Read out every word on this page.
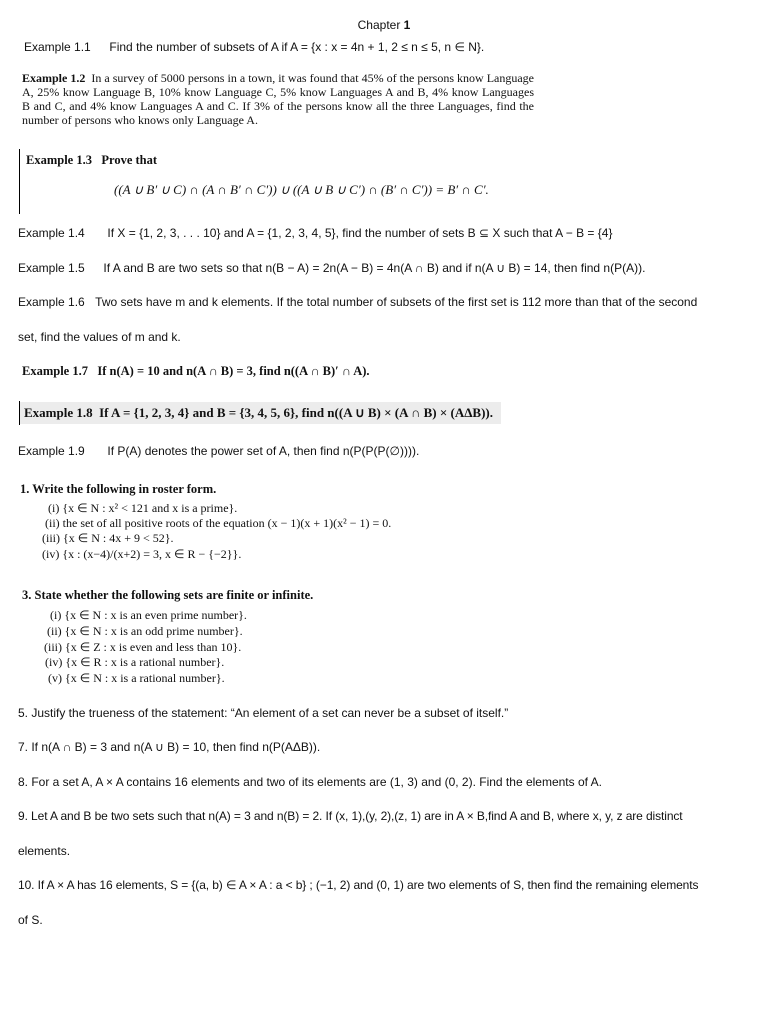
Chapter 1
Example 1.1 Find the number of subsets of A if A = {x : x = 4n + 1, 2 ≤ n ≤ 5, n ∈ N}.
Example 1.2 In a survey of 5000 persons in a town, it was found that 45% of the persons know Language A, 25% know Language B, 10% know Language C, 5% know Languages A and B, 4% know Languages B and C, and 4% know Languages A and C. If 3% of the persons know all the three Languages, find the number of persons who knows only Language A.
Example 1.3 Prove that
((A ∪ B′ ∪ C) ∩ (A ∩ B′ ∩ C′)) ∪ ((A ∪ B ∪ C′) ∩ (B′ ∩ C′)) = B′ ∩ C′.
Example 1.4 If X = {1, 2, 3, . . . 10} and A = {1, 2, 3, 4, 5}, find the number of sets B ⊆ X such that A − B = {4}
Example 1.5 If A and B are two sets so that n(B − A) = 2n(A − B) = 4n(A ∩ B) and if n(A ∪ B) = 14, then find n(P(A)).
Example 1.6 Two sets have m and k elements. If the total number of subsets of the first set is 112 more than that of the second
set, find the values of m and k.
Example 1.7 If n(A) = 10 and n(A ∩ B) = 3, find n((A ∩ B)′ ∩ A).
Example 1.8 If A = {1, 2, 3, 4} and B = {3, 4, 5, 6}, find n((A ∪ B) × (A ∩ B) × (AΔB)).
Example 1.9 If P(A) denotes the power set of A, then find n(P(P(P(∅)))).
1. Write the following in roster form.
(i) {x ∈ N : x² < 121 and x is a prime}.
(ii) the set of all positive roots of the equation (x − 1)(x + 1)(x² − 1) = 0.
(iii) {x ∈ N : 4x + 9 < 52}.
(iv) {x : (x−4)/(x+2) = 3, x ∈ R − {−2}}.
3. State whether the following sets are finite or infinite.
(i) {x ∈ N : x is an even prime number}.
(ii) {x ∈ N : x is an odd prime number}.
(iii) {x ∈ Z : x is even and less than 10}.
(iv) {x ∈ R : x is a rational number}.
(v) {x ∈ N : x is a rational number}.
5. Justify the trueness of the statement: “An element of a set can never be a subset of itself.”
7. If n(A ∩ B) = 3 and n(A ∪ B) = 10, then find n(P(AΔB)).
8. For a set A, A × A contains 16 elements and two of its elements are (1, 3) and (0, 2). Find the elements of A.
9. Let A and B be two sets such that n(A) = 3 and n(B) = 2. If (x, 1),(y, 2),(z, 1) are in A × B,find A and B, where x, y, z are distinct
elements.
10. If A × A has 16 elements, S = {(a, b) ∈ A × A : a < b} ; (−1, 2) and (0, 1) are two elements of S, then find the remaining elements
of S.
